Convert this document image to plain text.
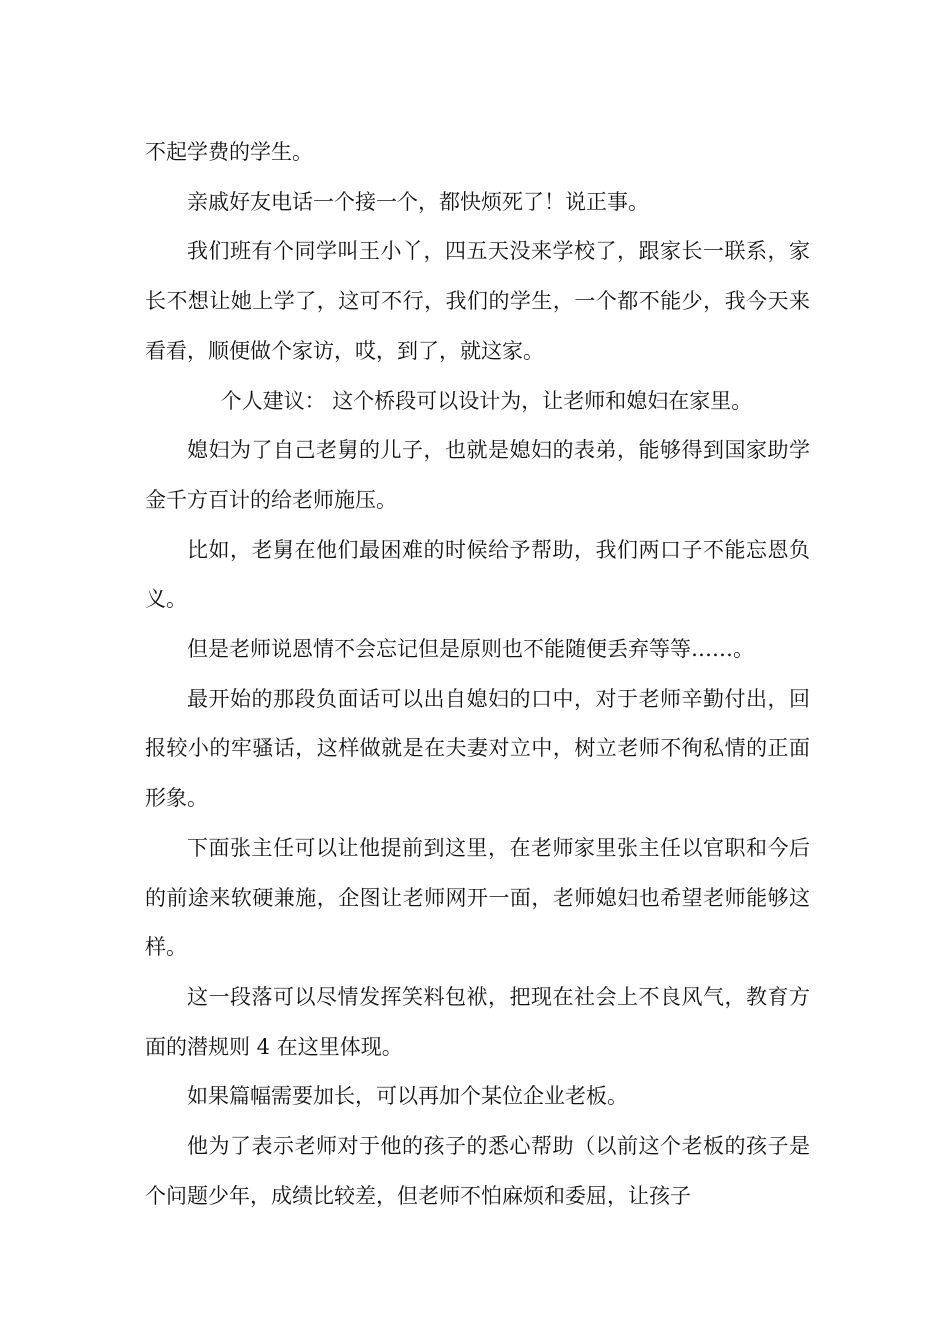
不起学费的学生。

亲戚好友电话一个接一个，都快烦死了！说正事。

我们班有个同学叫王小丫，四五天没来学校了，跟家长一联系，家长不想让她上学了，这可不行，我们的学生，一个都不能少，我今天来看看，顺便做个家访，哎，到了，就这家。

个人建议： 这个桥段可以设计为，让老师和媳妇在家里。

媳妇为了自己老舅的儿子，也就是媳妇的表弟，能够得到国家助学金千方百计的给老师施压。

比如，老舅在他们最困难的时候给予帮助，我们两口子不能忘恩负义。

但是老师说恩情不会忘记但是原则也不能随便丢弃等等……。

最开始的那段负面话可以出自媳妇的口中，对于老师辛勤付出，回报较小的牢骚话，这样做就是在夫妻对立中，树立老师不徇私情的正面形象。

下面张主任可以让他提前到这里，在老师家里张主任以官职和今后的前途来软硬兼施，企图让老师网开一面，老师媳妇也希望老师能够这样。

这一段落可以尽情发挥笑料包袱，把现在社会上不良风气，教育方面的潜规则 4 在这里体现。

如果篇幅需要加长，可以再加个某位企业老板。

他为了表示老师对于他的孩子的悉心帮助（以前这个老板的孩子是个问题少年，成绩比较差，但老师不怕麻烦和委屈，让孩子
